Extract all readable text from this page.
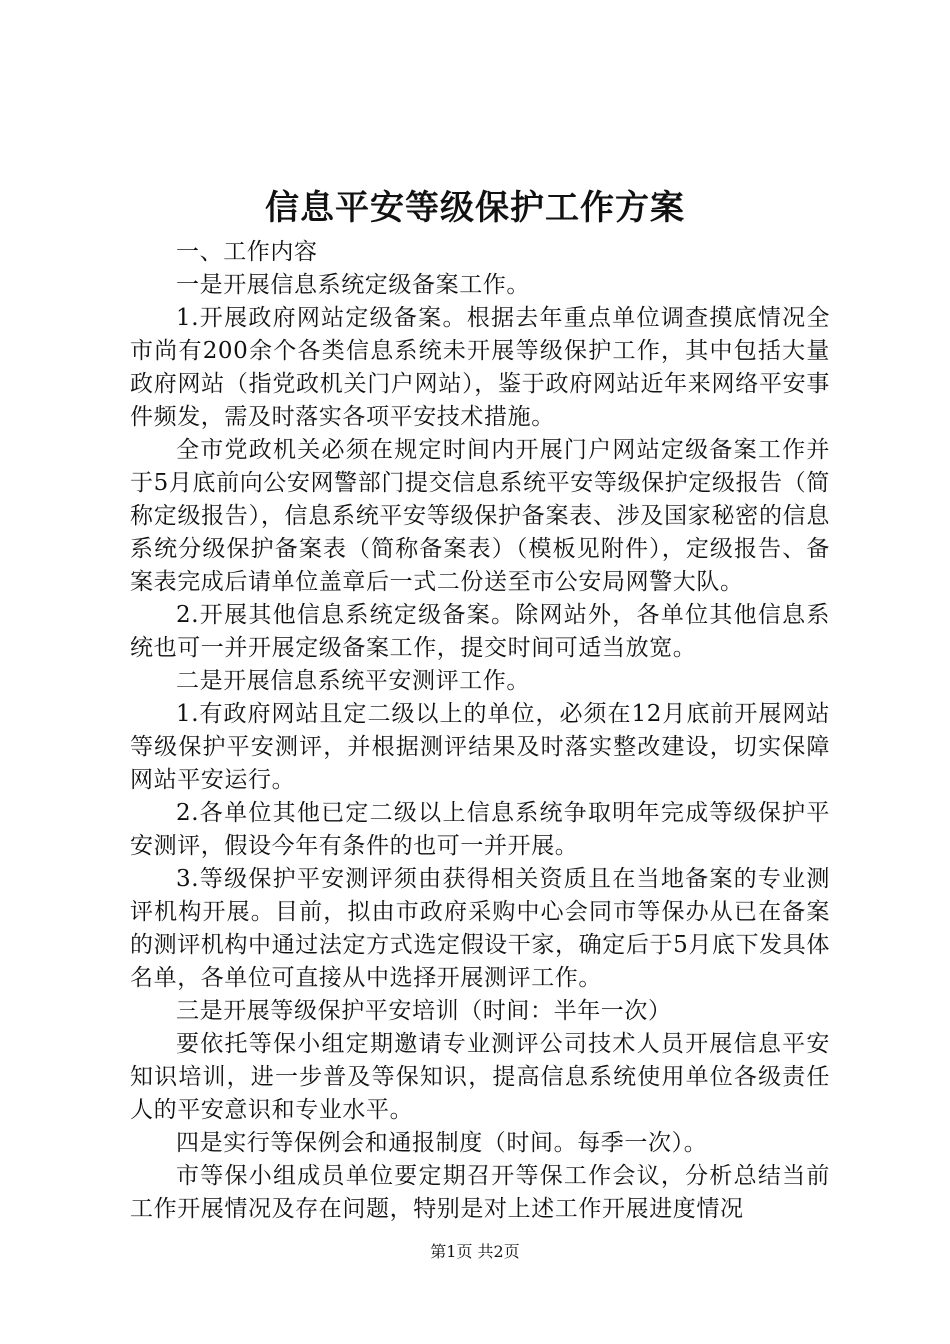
信息平安等级保护工作方案

一、工作内容

一是开展信息系统定级备案工作。

1.开展政府网站定级备案。根据去年重点单位调查摸底情况全市尚有200余个各类信息系统未开展等级保护工作，其中包括大量政府网站（指党政机关门户网站），鉴于政府网站近年来网络平安事件频发，需及时落实各项平安技术措施。

全市党政机关必须在规定时间内开展门户网站定级备案工作并于5月底前向公安网警部门提交信息系统平安等级保护定级报告（简称定级报告），信息系统平安等级保护备案表、涉及国家秘密的信息系统分级保护备案表（简称备案表）（模板见附件），定级报告、备案表完成后请单位盖章后一式二份送至市公安局网警大队。

2.开展其他信息系统定级备案。除网站外，各单位其他信息系统也可一并开展定级备案工作，提交时间可适当放宽。

二是开展信息系统平安测评工作。

1.有政府网站且定二级以上的单位，必须在12月底前开展网站等级保护平安测评，并根据测评结果及时落实整改建设，切实保障网站平安运行。

2.各单位其他已定二级以上信息系统争取明年完成等级保护平安测评，假设今年有条件的也可一并开展。

3.等级保护平安测评须由获得相关资质且在当地备案的专业测评机构开展。目前，拟由市政府采购中心会同市等保办从已在备案的测评机构中通过法定方式选定假设干家，确定后于5月底下发具体名单，各单位可直接从中选择开展测评工作。

三是开展等级保护平安培训（时间：半年一次）

要依托等保小组定期邀请专业测评公司技术人员开展信息平安知识培训，进一步普及等保知识，提高信息系统使用单位各级责任人的平安意识和专业水平。

四是实行等保例会和通报制度（时间。每季一次）。

市等保小组成员单位要定期召开等保工作会议，分析总结当前工作开展情况及存在问题，特别是对上述工作开展进度情况

第1页 共2页
